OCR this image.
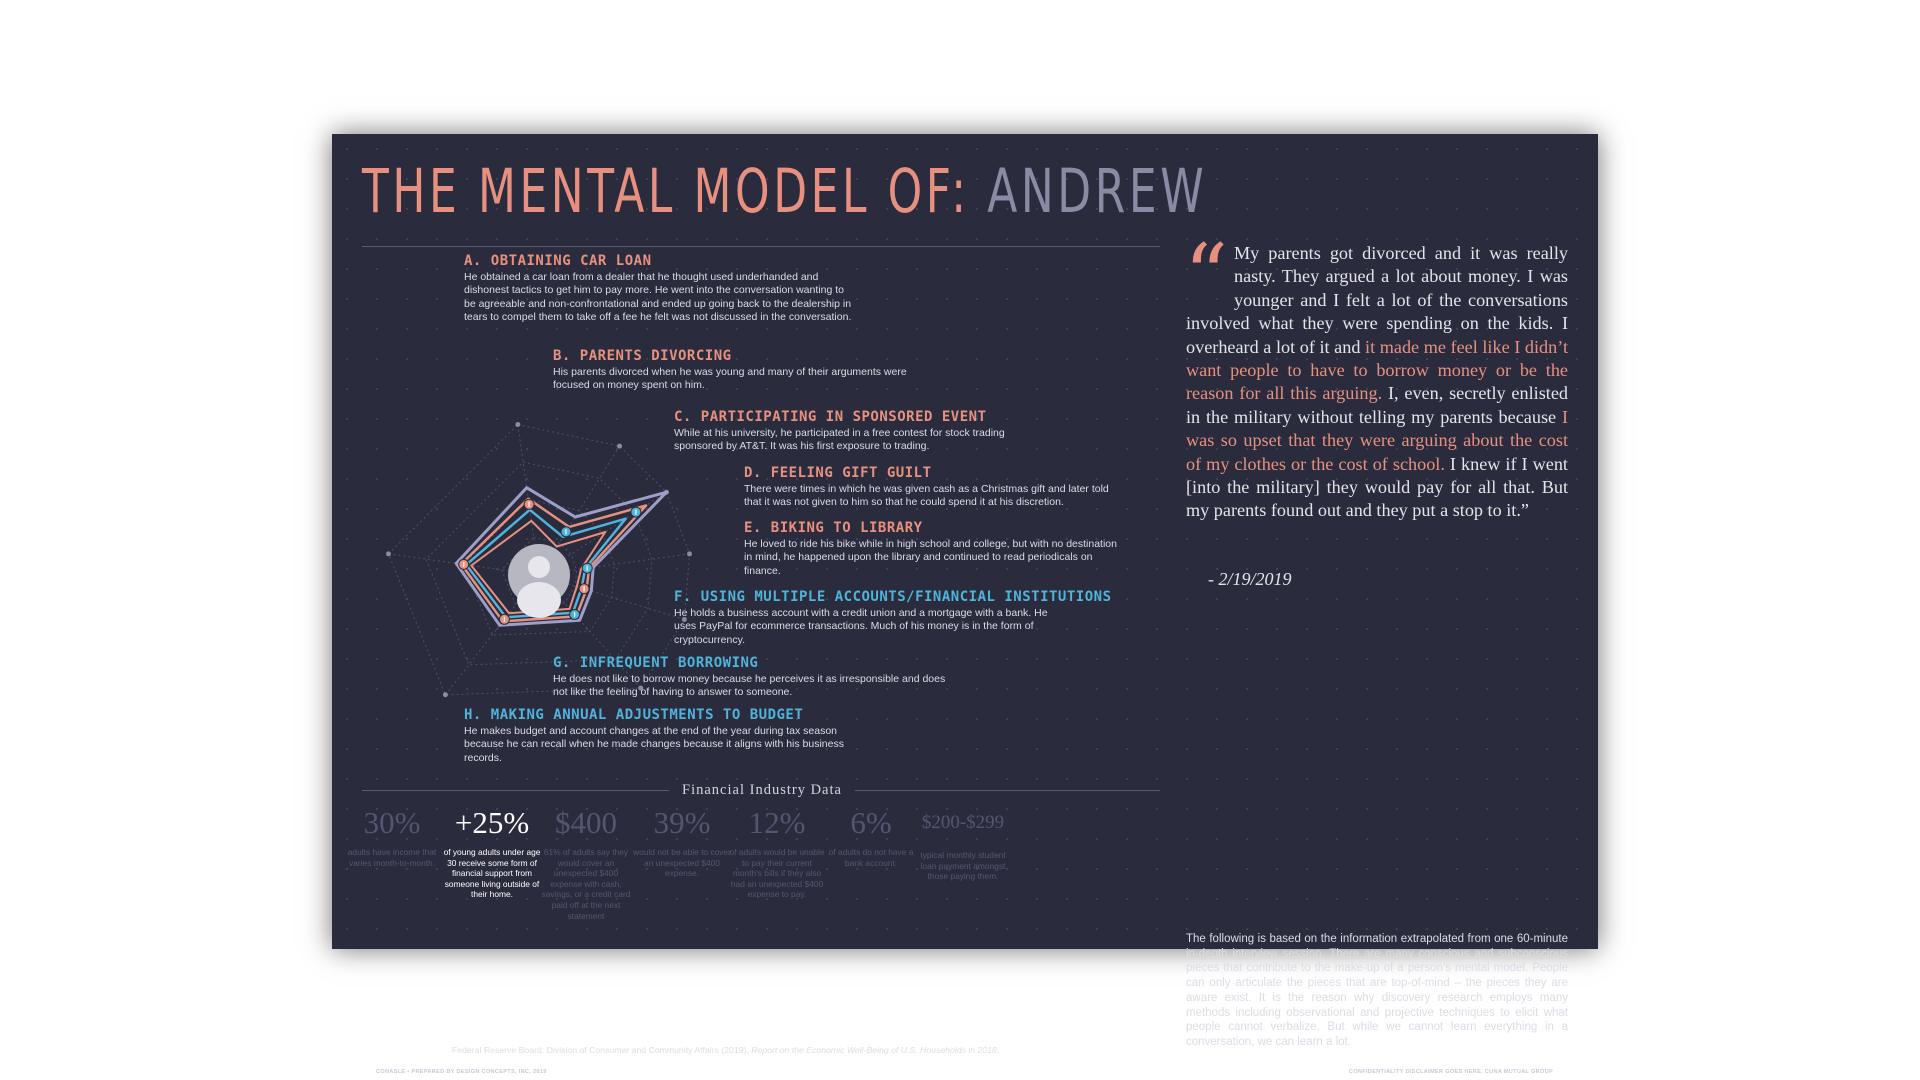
THE MENTAL MODEL OF: ANDREW
A. OBTAINING CAR LOAN
He obtained a car loan from a dealer that he thought used underhanded and dishonest tactics to get him to pay more. He went into the conversation wanting to be agreeable and non-confrontational and ended up going back to the dealership in tears to compel them to take off a fee he felt was not discussed in the conversation.
B. PARENTS DIVORCING
His parents divorced when he was young and many of their arguments were focused on money spent on him.
C. PARTICIPATING IN SPONSORED EVENT
While at his university, he participated in a free contest for stock trading sponsored by AT&T. It was his first exposure to trading.
D. FEELING GIFT GUILT
There were times in which he was given cash as a Christmas gift and later told that it was not given to him so that he could spend it at his discretion.
E. BIKING TO LIBRARY
He loved to ride his bike while in high school and college, but with no destination in mind, he happened upon the library and continued to read periodicals on finance.
F. USING MULTIPLE ACCOUNTS/FINANCIAL INSTITUTIONS
He holds a business account with a credit union and a mortgage with a bank. He uses PayPal for ecommerce transactions. Much of his money is in the form of cryptocurrency.
G. INFREQUENT BORROWING
He does not like to borrow money because he perceives it as irresponsible and does not like the feeling of having to answer to someone.
H. MAKING ANNUAL ADJUSTMENTS TO BUDGET
He makes budget and account changes at the end of the year during tax season because he can recall when he made changes because it aligns with his business records.
“ My parents got divorced and it was really nasty. They argued a lot about money. I was younger and I felt a lot of the conversations involved what they were spending on the kids. I overheard a lot of it and it made me feel like I didn’t want people to have to borrow money or be the reason for all this arguing. I, even, secretly enlisted in the military without telling my parents because I was so upset that they were arguing about the cost of my clothes or the cost of school. I knew if I went [into the military] they would pay for all that. But my parents found out and they put a stop to it.”
- 2/19/2019
Financial Industry Data
30%
adults have income that varies month-to-month.
+25%
of young adults under age 30 receive some form of financial support from someone living outside of their home.
$400
61% of adults say they would cover an unexpected $400 expense with cash, savings, or a credit card paid off at the next statement
39%
would not be able to cover an unexpected $400 expense.
12%
of adults would be unable to pay their current month's bills if they also had an unexpected $400 expense to pay.
6%
of adults do not have a bank account.
$200-$299
typical monthly student loan payment amongst those paying them.
Federal Reserve Board: Division of Consumer and Community Affairs (2019). Report on the Economic Well-Being of U.S. Households in 2018.
The following is based on the information extrapolated from one 60-minute in-depth interview session. There are many conscious and subconscious pieces that contribute to the make-up of a person’s mental model. People can only articulate the pieces that are top-of-mind – the pieces they are aware exist. It is the reason why discovery research employs many methods including observational and projective techniques to elicit what people cannot verbalize. But while we cannot learn everything in a conversation, we can learn a lot.
CONASLE • PREPARED BY DESIGN CONCEPTS, INC. 2019	CONFIDENTIALITY DISCLAIMER GOES HERE. CUNA MUTUAL GROUP
